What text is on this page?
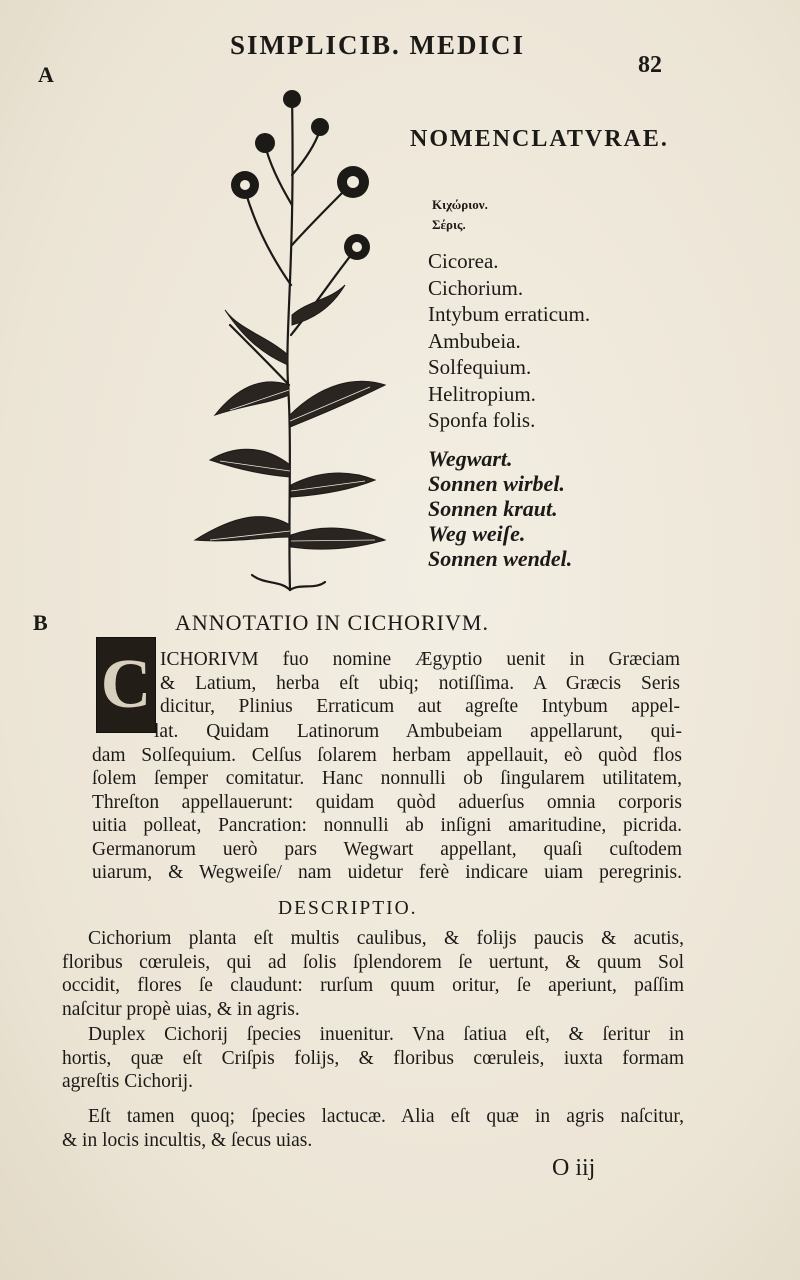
SIMPLICIB. MEDICI
82
A
B
NOMENCLATVRAE.
Κιχώριον.
Σέρις.
Cicorea.
Cichorium.
Intybum erraticum.
Ambubeia.
Solfequium.
Helitropium.
Sponfa folis.
Wegwart.
Sonnen wirbel.
Sonnen kraut.
Weg weiſe.
Sonnen wendel.
ANNOTATIO IN CICHORIVM.
C ICHORIVM fuo nomine Ægyptio uenit in Græciam
& Latium, herba eſt ubiq; notiſſima. A Græcis Seris
dicitur, Plinius Erraticum aut agreſte Intybum appel-
lat. Quidam Latinorum Ambubeiam appellarunt, qui-
dam Solſequium. Celſus ſolarem herbam appellauit, eò quòd flos
ſolem ſemper comitatur. Hanc nonnulli ob ſingularem utilitatem,
Threſton appellauerunt: quidam quòd aduerſus omnia corporis
uitia polleat, Pancration: nonnulli ab inſigni amaritudine, picrida.
Germanorum uerò pars Wegwart appellant, quaſi cuſtodem
uiarum, & Wegweiſe/ nam uidetur ferè indicare uiam peregrinis.
DESCRIPTIO.
Cichorium planta eſt multis caulibus, & folijs paucis & acutis,
floribus cœruleis, qui ad ſolis ſplendorem ſe uertunt, & quum Sol
occidit, flores ſe claudunt: rurſum quum oritur, ſe aperiunt, paſſim
naſcitur propè uias, & in agris.
Duplex Cichorij ſpecies inuenitur. Vna ſatiua eſt, & ſeritur in
hortis, quæ eſt Criſpis folijs, & floribus cœruleis, iuxta formam
agreſtis Cichorij.
Eſt tamen quoq; ſpecies lactucæ. Alia eſt quæ in agris naſcitur,
& in locis incultis, & ſecus uias.
O iij
